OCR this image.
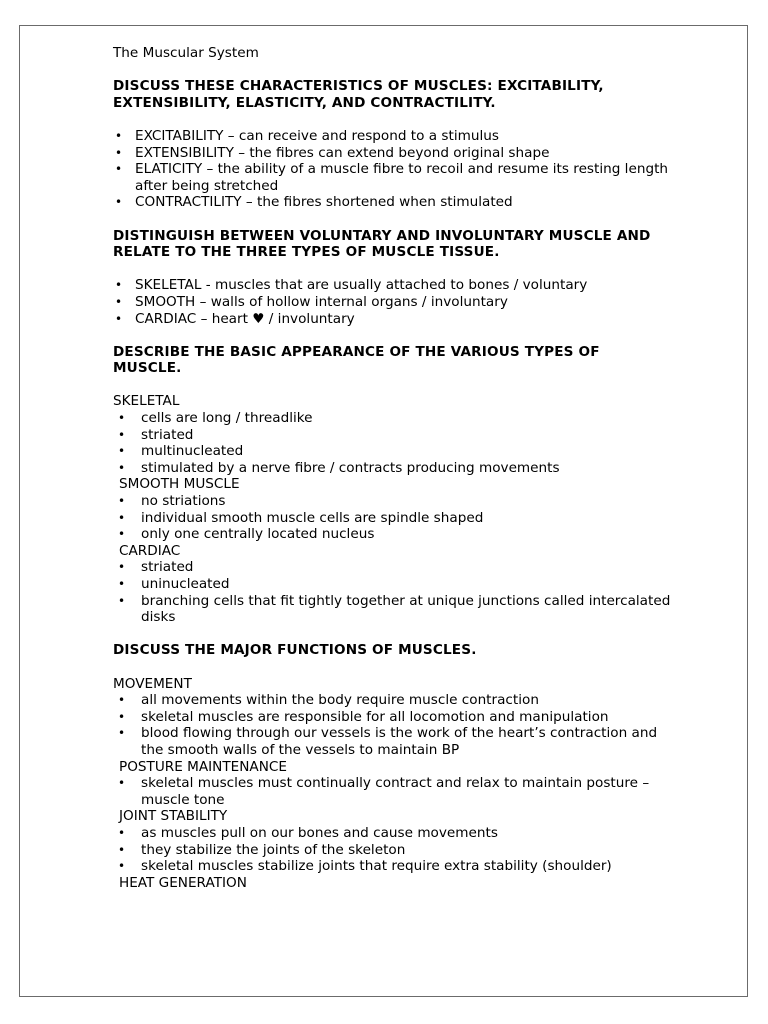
The Muscular System

DISCUSS THESE CHARACTERISTICS OF MUSCLES: EXCITABILITY, EXTENSIBILITY, ELASTICITY, AND CONTRACTILITY.

• EXCITABILITY – can receive and respond to a stimulus
• EXTENSIBILITY – the fibres can extend beyond original shape
• ELATICITY – the ability of a muscle fibre to recoil and resume its resting length after being stretched
• CONTRACTILITY – the fibres shortened when stimulated

DISTINGUISH BETWEEN VOLUNTARY AND INVOLUNTARY MUSCLE AND RELATE TO THE THREE TYPES OF MUSCLE TISSUE.

• SKELETAL - muscles that are usually attached to bones / voluntary
• SMOOTH – walls of hollow internal organs / involuntary
• CARDIAC – heart ♥ / involuntary

DESCRIBE THE BASIC APPEARANCE OF THE VARIOUS TYPES OF MUSCLE.

SKELETAL

• cells are long / threadlike
• striated
• multinucleated
• stimulated by a nerve fibre / contracts producing movements

SMOOTH MUSCLE

• no striations
• individual smooth muscle cells are spindle shaped
• only one centrally located nucleus

CARDIAC

• striated
• uninucleated
• branching cells that fit tightly together at unique junctions called intercalated disks

DISCUSS THE MAJOR FUNCTIONS OF MUSCLES.

MOVEMENT

• all movements within the body require muscle contraction
• skeletal muscles are responsible for all locomotion and manipulation
• blood flowing through our vessels is the work of the heart’s contraction and the smooth walls of the vessels to maintain BP

POSTURE MAINTENANCE

• skeletal muscles must continually contract and relax to maintain posture – muscle tone

JOINT STABILITY

• as muscles pull on our bones and cause movements
• they stabilize the joints of the skeleton
• skeletal muscles stabilize joints that require extra stability (shoulder)

HEAT GENERATION
